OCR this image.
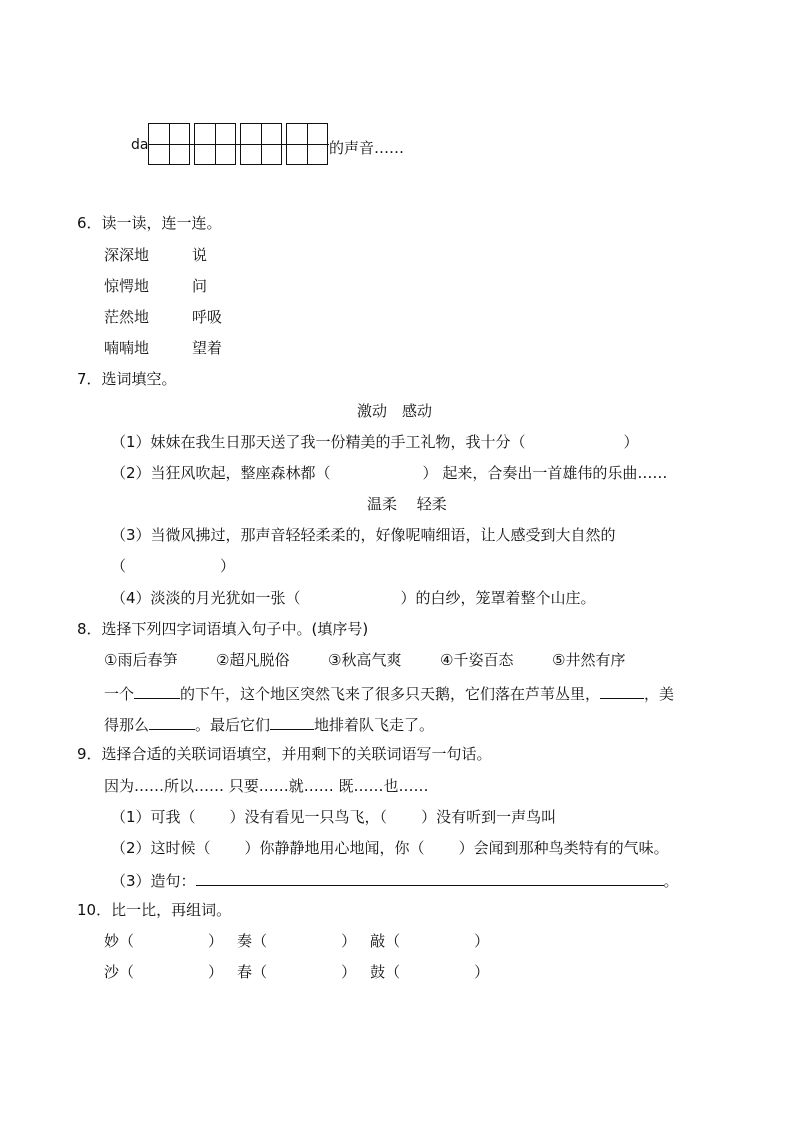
da	的声音……
6．读一读，连一连。
深深地	说
惊愕地	问
茫然地	呼吸
喃喃地	望着
7．选词填空。
激动　感动
（1）妹妹在我生日那天送了我一份精美的手工礼物，我十分（	）
（2）当狂风吹起，整座森林都（	） 起来，合奏出一首雄伟的乐曲……
温柔　 轻柔
（3）当微风拂过，那声音轻轻柔柔的，好像呢喃细语，让人感受到大自然的
（	）
（4）淡淡的月光犹如一张（	）的白纱，笼罩着整个山庄。
8．选择下列四字词语填入句子中。(填序号)
①雨后春笋	②超凡脱俗	③秋高气爽	④千姿百态	⑤井然有序
一个	的下午，这个地区突然飞来了很多只天鹅，它们落在芦苇丛里，	，美
得那么	。最后它们	地排着队飞走了。
9．选择合适的关联词语填空，并用剩下的关联词语写一句话。
因为……所以…… 只要……就…… 既……也……
（1）可我（ ）没有看见一只鸟飞，（ ）没有听到一声鸟叫
（2）这时候（ ）你静静地用心地闻，你（ ）会闻到那种鸟类特有的气味。
（3）造句：	。
10．比一比，再组词。
妙（	） 奏（	） 敲（	）
沙（	） 春（	） 鼓（	）
